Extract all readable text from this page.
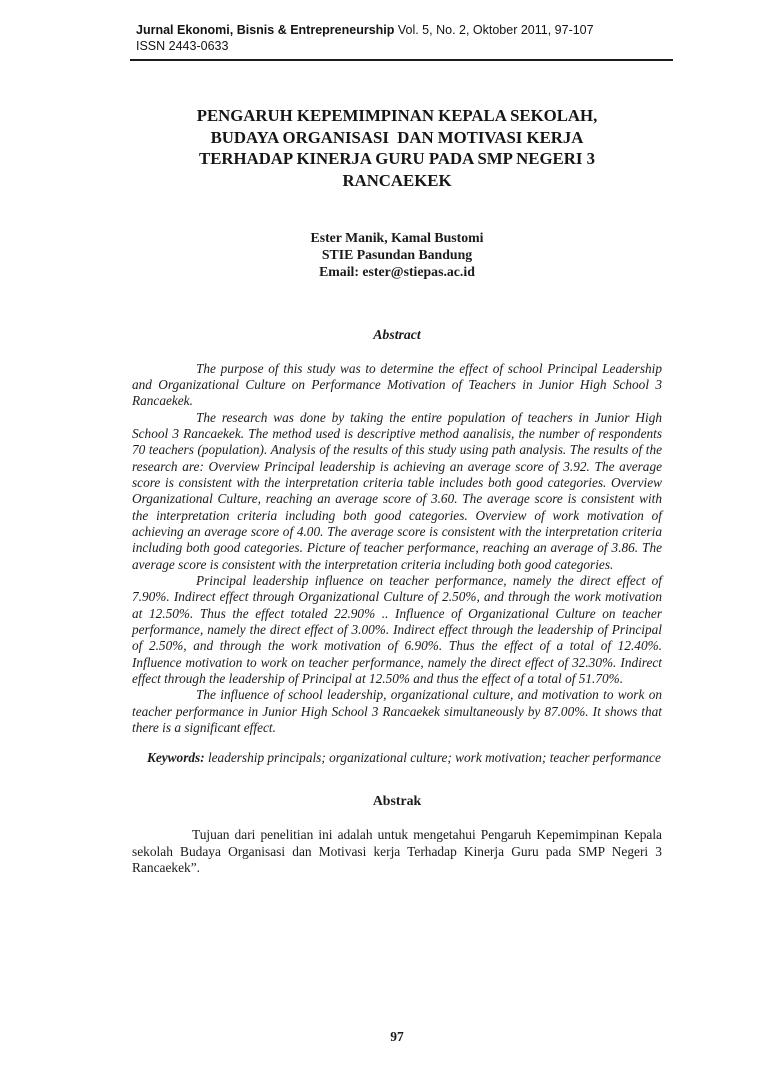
Jurnal Ekonomi, Bisnis & Entrepreneurship Vol. 5, No. 2, Oktober 2011, 97-107
ISSN 2443-0633
PENGARUH KEPEMIMPINAN KEPALA SEKOLAH,
BUDAYA ORGANISASI  DAN MOTIVASI KERJA
TERHADAP KINERJA GURU PADA SMP NEGERI 3
RANCAEKEK
Ester Manik, Kamal Bustomi
STIE Pasundan Bandung
Email: ester@stiepas.ac.id
Abstract

The purpose of this study was to determine the effect of school Principal Leadership and Organizational Culture on Performance Motivation of Teachers in Junior High School 3 Rancaekek.

The research was done by taking the entire population of teachers in Junior High School 3 Rancaekek. The method used is descriptive method aanalisis, the number of respondents 70 teachers (population). Analysis of the results of this study using path analysis. The results of the research are: Overview Principal leadership is achieving an average score of 3.92. The average score is consistent with the interpretation criteria table includes both good categories. Overview Organizational Culture, reaching an average score of 3.60. The average score is consistent with the interpretation criteria including both good categories. Overview of work motivation of achieving an average score of 4.00. The average score is consistent with the interpretation criteria including both good categories. Picture of teacher performance, reaching an average of 3.86. The average score is consistent with the interpretation criteria including both good categories.

Principal leadership influence on teacher performance, namely the direct effect of 7.90%. Indirect effect through Organizational Culture of 2.50%, and through the work motivation at 12.50%. Thus the effect totaled 22.90% .. Influence of Organizational Culture on teacher performance, namely the direct effect of 3.00%. Indirect effect through the leadership of Principal of 2.50%, and through the work motivation of 6.90%. Thus the effect of a total of 12.40%. Influence motivation to work on teacher performance, namely the direct effect of 32.30%. Indirect effect through the leadership of Principal at 12.50% and thus the effect of a total of 51.70%.

The influence of school leadership, organizational culture, and motivation to work on teacher performance in Junior High School 3 Rancaekek simultaneously by 87.00%. It shows that there is a significant effect.

Keywords: leadership principals; organizational culture; work motivation; teacher performance

Abstrak

Tujuan dari penelitian ini adalah untuk mengetahui Pengaruh Kepemimpinan Kepala sekolah Budaya Organisasi dan Motivasi kerja Terhadap Kinerja Guru pada SMP Negeri 3 Rancaekek”.

97
